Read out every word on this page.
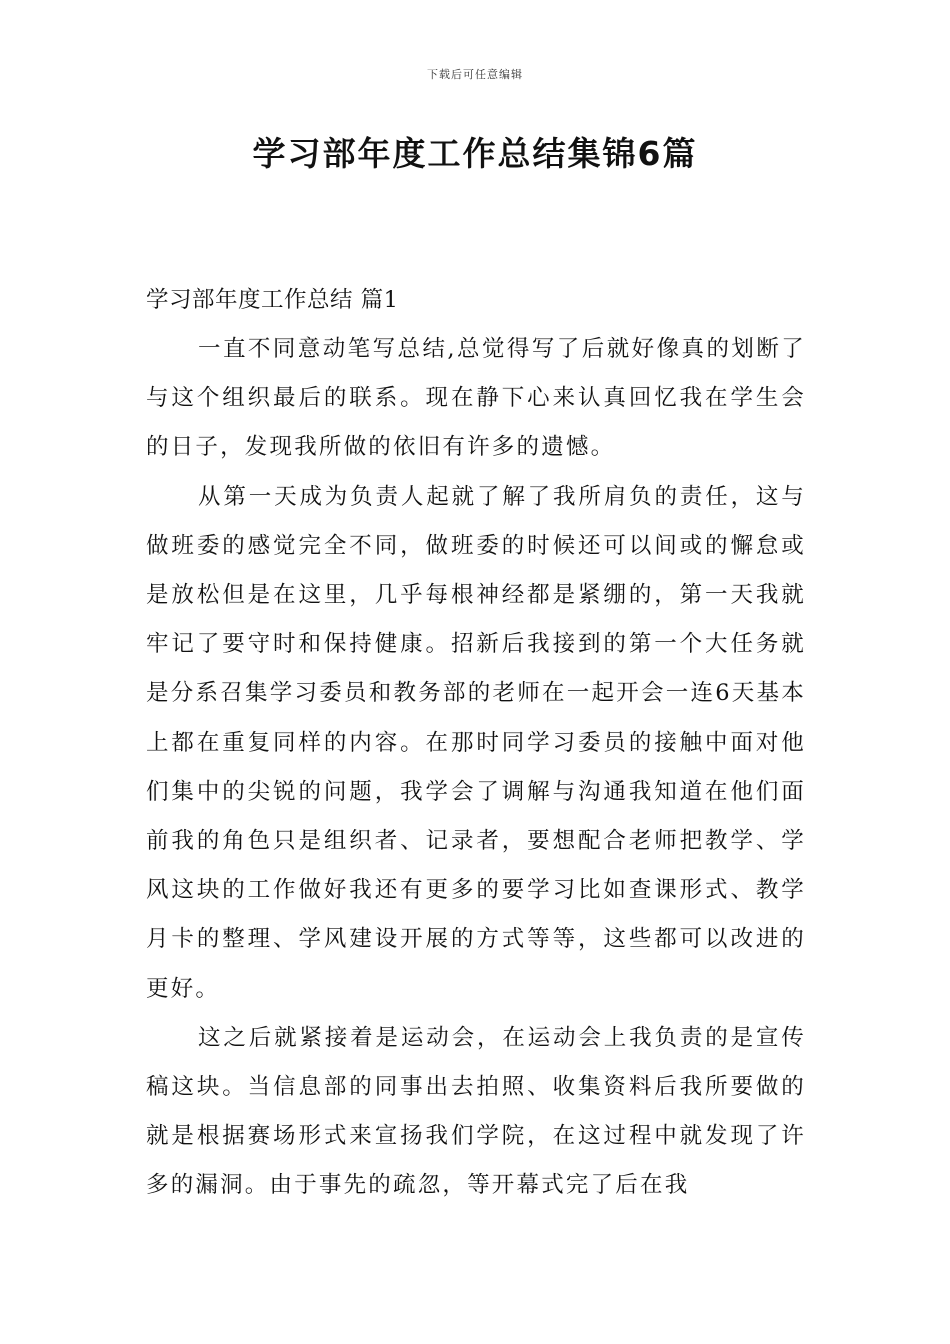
下载后可任意编辑
学习部年度工作总结集锦6篇

学习部年度工作总结 篇1

一直不同意动笔写总结,总觉得写了后就好像真的划断了与这个组织最后的联系。现在静下心来认真回忆我在学生会的日子，发现我所做的依旧有许多的遗憾。

从第一天成为负责人起就了解了我所肩负的责任，这与做班委的感觉完全不同，做班委的时候还可以间或的懈怠或是放松但是在这里，几乎每根神经都是紧绷的，第一天我就牢记了要守时和保持健康。招新后我接到的第一个大任务就是分系召集学习委员和教务部的老师在一起开会一连6天基本上都在重复同样的内容。在那时同学习委员的接触中面对他们集中的尖锐的问题，我学会了调解与沟通我知道在他们面前我的角色只是组织者、记录者，要想配合老师把教学、学风这块的工作做好我还有更多的要学习比如查课形式、教学月卡的整理、学风建设开展的方式等等，这些都可以改进的更好。

这之后就紧接着是运动会，在运动会上我负责的是宣传稿这块。当信息部的同事出去拍照、收集资料后我所要做的就是根据赛场形式来宣扬我们学院，在这过程中就发现了许多的漏洞。由于事先的疏忽，等开幕式完了后在我
